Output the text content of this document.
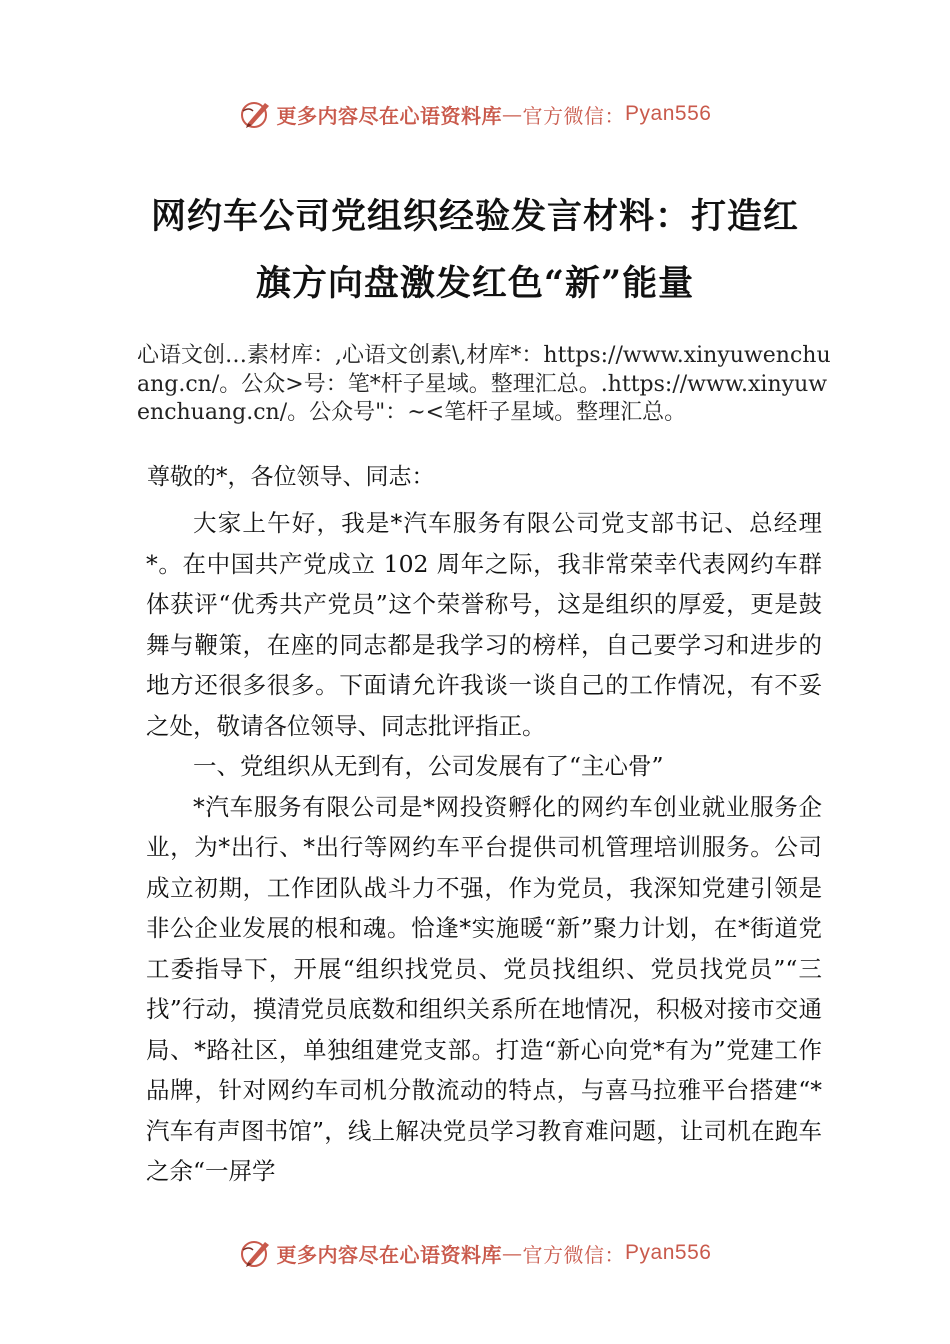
更多内容尽在心语资料库 — 官方微信： Pyan556
网约车公司党组织经验发言材料：打造红
旗方向盘激发红色“新”能量
心语文创…素材库：,心语文创素\,材库*：https://www.xinyuwenchuang.cn/。公众>号：笔*杆子星域。整理汇总。.https://www.xinyuwenchuang.cn/。公众号"：~<笔杆子星域。整理汇总。
尊敬的*，各位领导、同志：

大家上午好，我是*汽车服务有限公司党支部书记、总经理*。在中国共产党成立 102 周年之际，我非常荣幸代表网约车群体获评“优秀共产党员”这个荣誉称号，这是组织的厚爱，更是鼓舞与鞭策，在座的同志都是我学习的榜样，自己要学习和进步的地方还很多很多。下面请允许我谈一谈自己的工作情况，有不妥之处，敬请各位领导、同志批评指正。

一、党组织从无到有，公司发展有了“主心骨”

*汽车服务有限公司是*网投资孵化的网约车创业就业服务企业，为*出行、*出行等网约车平台提供司机管理培训服务。公司成立初期，工作团队战斗力不强，作为党员，我深知党建引领是非公企业发展的根和魂。恰逢*实施暖“新”聚力计划，在*街道党工委指导下，开展“组织找党员、党员找组织、党员找党员”“三找”行动，摸清党员底数和组织关系所在地情况，积极对接市交通局、*路社区，单独组建党支部。打造“新心向党*有为”党建工作品牌，针对网约车司机分散流动的特点，与喜马拉雅平台搭建“*汽车有声图书馆”，线上解决党员学习教育难问题，让司机在跑车之余“一屏学

更多内容尽在心语资料库 — 官方微信： Pyan556
